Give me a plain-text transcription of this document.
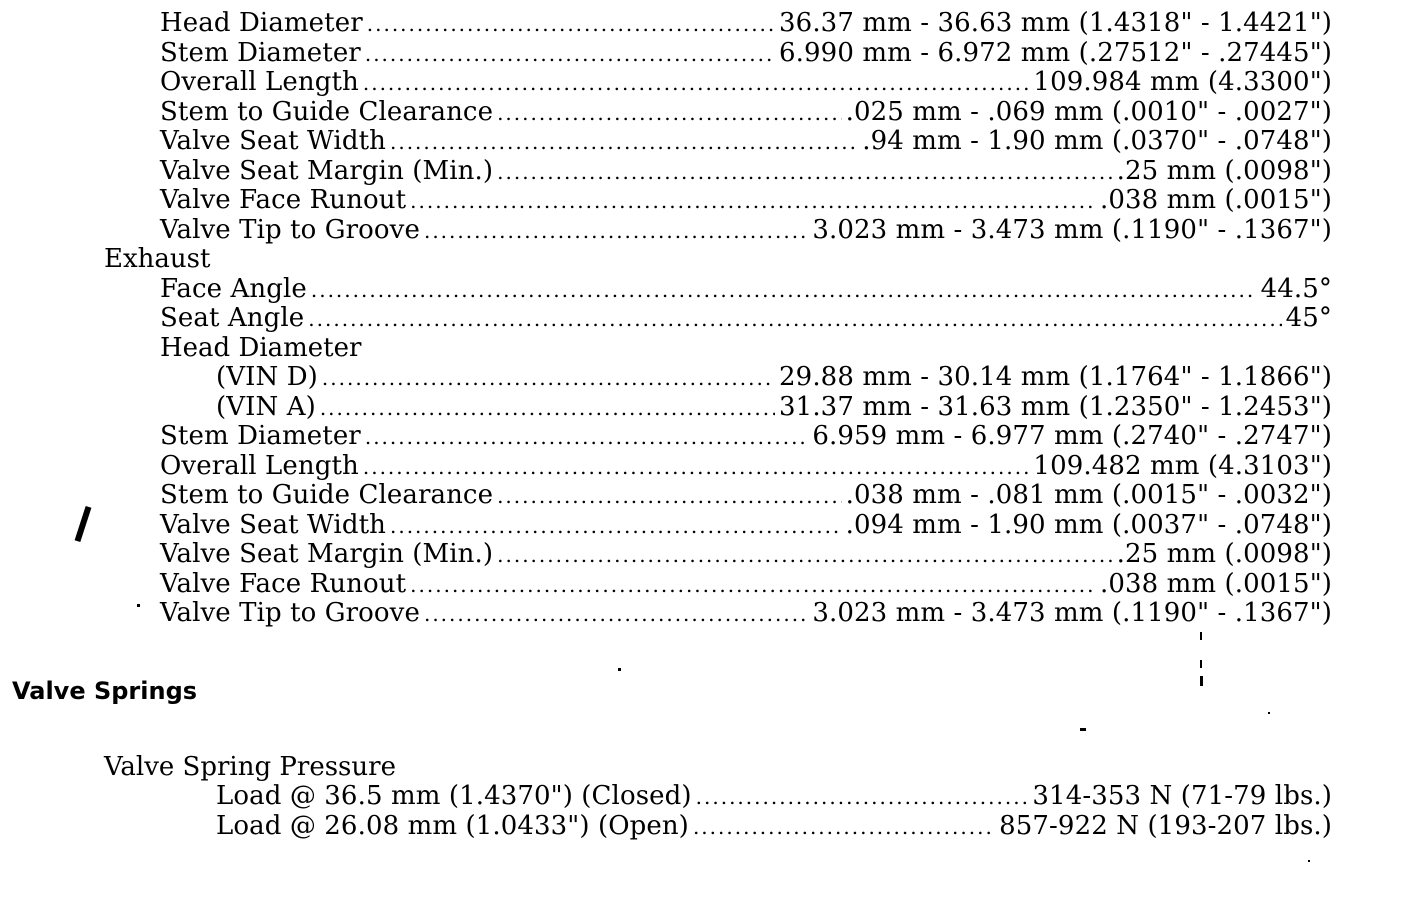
Head Diameter .....	36.37 mm - 36.63 mm (1.4318" - 1.4421")
Stem Diameter .....	6.990 mm - 6.972 mm (.27512" - .27445")
Overall Length .....	109.984 mm (4.3300")
Stem to Guide Clearance .....	.025 mm - .069 mm (.0010" - .0027")
Valve Seat Width .....	.94 mm - 1.90 mm (.0370" - .0748")
Valve Seat Margin (Min.) .....	.25 mm (.0098")
Valve Face Runout .....	.038 mm (.0015")
Valve Tip to Groove .....	3.023 mm - 3.473 mm (.1190" - .1367")
Exhaust
Face Angle .....	44.5°
Seat Angle .....	45°
Head Diameter
(VIN D) .....	29.88 mm - 30.14 mm (1.1764" - 1.1866")
(VIN A) .....	31.37 mm - 31.63 mm (1.2350" - 1.2453")
Stem Diameter .....	6.959 mm - 6.977 mm (.2740" - .2747")
Overall Length .....	109.482 mm (4.3103")
Stem to Guide Clearance .....	.038 mm - .081 mm (.0015" - .0032")
Valve Seat Width .....	.094 mm - 1.90 mm (.0037" - .0748")
Valve Seat Margin (Min.) .....	.25 mm (.0098")
Valve Face Runout .....	.038 mm (.0015")
Valve Tip to Groove .....	3.023 mm - 3.473 mm (.1190" - .1367")
Valve Springs
Valve Spring Pressure
Load @ 36.5 mm (1.4370") (Closed) .....	314-353 N (71-79 lbs.)
Load @ 26.08 mm (1.0433") (Open) .....	857-922 N (193-207 lbs.)
